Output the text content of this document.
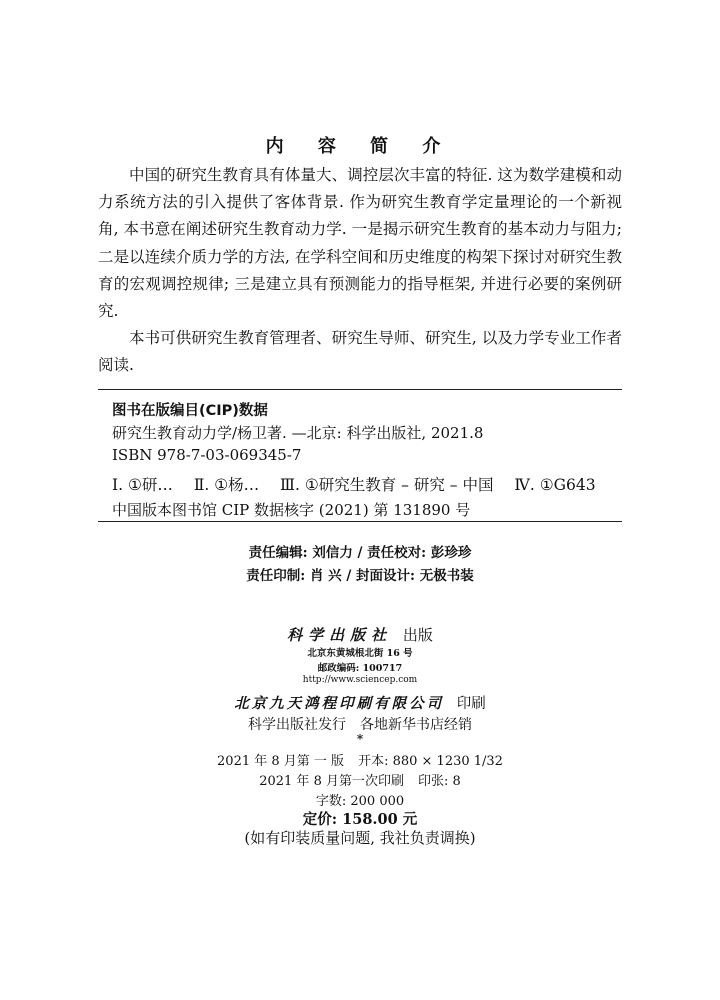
内 容 简 介

中国的研究生教育具有体量大、调控层次丰富的特征. 这为数学建模和动力系统方法的引入提供了客体背景. 作为研究生教育学定量理论的一个新视角, 本书意在阐述研究生教育动力学. 一是揭示研究生教育的基本动力与阻力; 二是以连续介质力学的方法, 在学科空间和历史维度的构架下探讨对研究生教育的宏观调控规律; 三是建立具有预测能力的指导框架, 并进行必要的案例研究.

本书可供研究生教育管理者、研究生导师、研究生, 以及力学专业工作者阅读.

图书在版编目(CIP)数据
研究生教育动力学/杨卫著. —北京: 科学出版社, 2021.8
ISBN 978-7-03-069345-7
Ⅰ. ①研… Ⅱ. ①杨… Ⅲ. ①研究生教育 – 研究 – 中国 Ⅳ. ①G643
中国版本图书馆 CIP 数据核字 (2021) 第 131890 号
责任编辑: 刘信力 / 责任校对: 彭珍珍
责任印制: 肖 兴 / 封面设计: 无极书装
科学出版社 出版
北京东黄城根北街 16 号
邮政编码: 100717
http://www.sciencep.com
北京九天鸿程印刷有限公司 印刷
科学出版社发行 各地新华书店经销
*
2021 年 8 月第 一 版 开本: 880 × 1230 1/32
2021 年 8 月第一次印刷 印张: 8
字数: 200 000
定价: 158.00 元
(如有印装质量问题, 我社负责调换)
